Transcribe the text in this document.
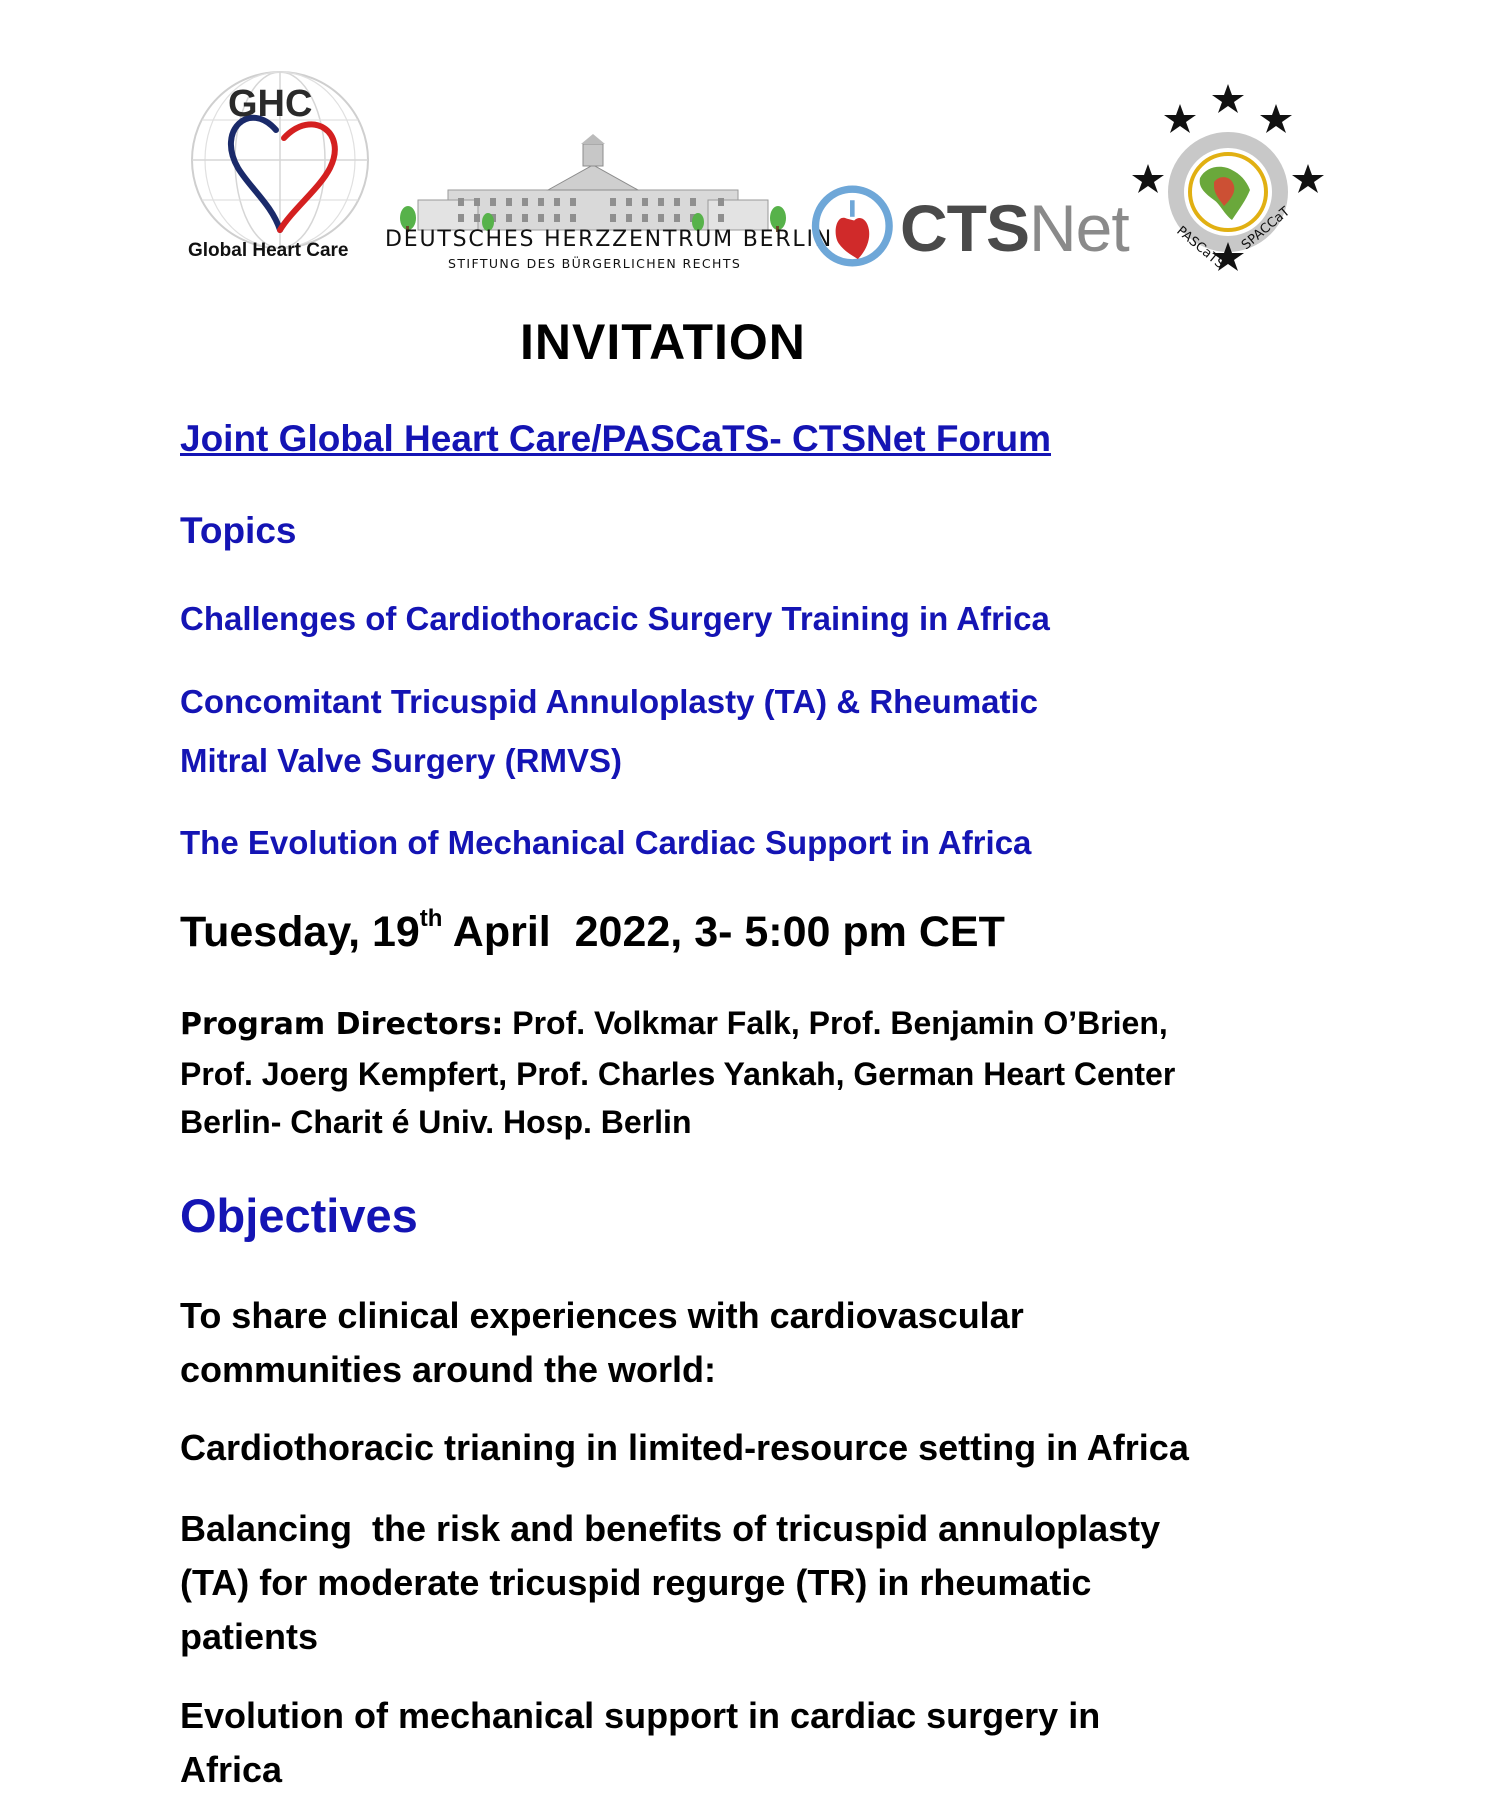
GHC
Global Heart Care DEUTSCHES HERZZENTRUM BERLIN
STIFTUNG DES BÜRGERLICHEN RECHTS CTSNet	PASCaTS SPACCaT
INVITATION
Joint Global Heart Care/PASCaTS- CTSNet Forum
Topics
Challenges of Cardiothoracic Surgery Training in Africa
Concomitant Tricuspid Annuloplasty (TA) & Rheumatic
Mitral Valve Surgery (RMVS)
The Evolution of Mechanical Cardiac Support in Africa
Tuesday, 19th April  2022, 3- 5:00 pm CET
Program Directors: Prof. Volkmar Falk, Prof. Benjamin O’Brien,
Prof. Joerg Kempfert, Prof. Charles Yankah, German Heart Center
Berlin- Charit é Univ. Hosp. Berlin
Objectives
To share clinical experiences with cardiovascular
communities around the world:
Cardiothoracic trianing in limited-resource setting in Africa
Balancing  the risk and benefits of tricuspid annuloplasty
(TA) for moderate tricuspid regurge (TR) in rheumatic
patients
Evolution of mechanical support in cardiac surgery in
Africa
